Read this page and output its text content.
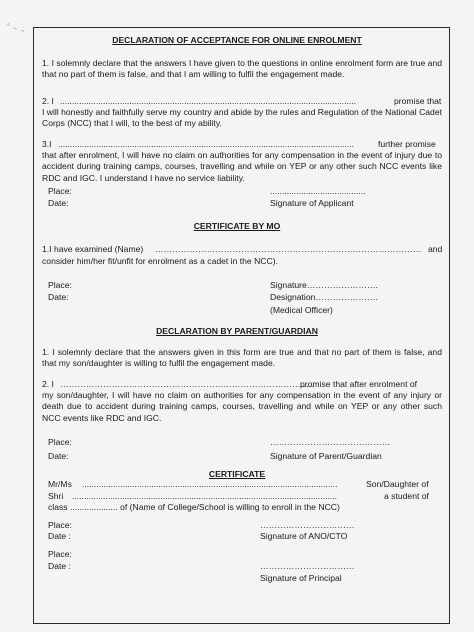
° ~ ~
DECLARATION OF ACCEPTANCE FOR ONLINE ENROLMENT
1. I solemnly declare that the answers I have given to the questions in online enrolment form are true and that no part of them is false, and that I am willing to fulfil the engagement made.
2. I ............................................................................................................................	promise that
I will honestly and faithfully serve my country and abide by the rules and Regulation of the National Cadet Corps (NCC) that I will, to the best of my ability.
3.I ............................................................................................................................	further promise
that after enrolment, I will have no claim on authorities for any compensation in the event of injury due to accident during training camps, courses, travelling and while on YEP or any other such NCC events like RDC and IGC. I understand I have no service liability.
Place:	........................................
Date:	Signature of Applicant
CERTIFICATE BY MO
1.I have examined (Name) ………………………………………………………………………………… and
consider him/her fit/unfit for enrolment as a cadet in the NCC).
Place:	Signature…………………….
Date:	Designation………………….
(Medical Officer)
DECLARATION BY PARENT/GUARDIAN
1. I solemnly declare that the answers given in this form are true and that no part of them is false, and that my son/daughter is willing to fulfil the engagement made.
2. I ……………………………………………………………………………..
promise that after enrolment of
my son/daughter, I will have no claim on authorities for any compensation in the event of any injury or death due to accident during training camps, courses, travelling and while on YEP or any other such NCC events like RDC and IGC.
Place:	……………………………………
Date:	Signature of Parent/Guardian
CERTIFICATE
Mr/Ms ...........................................................................................................	Son/Daughter of
Shri ...............................................................................................................	a student of
class .................... of (Name of College/School is willing to enroll in the NCC)
Place:	……………………………
Date :	Signature of ANO/CTO
Place:
Date :	……………………………
Signature of Principal
